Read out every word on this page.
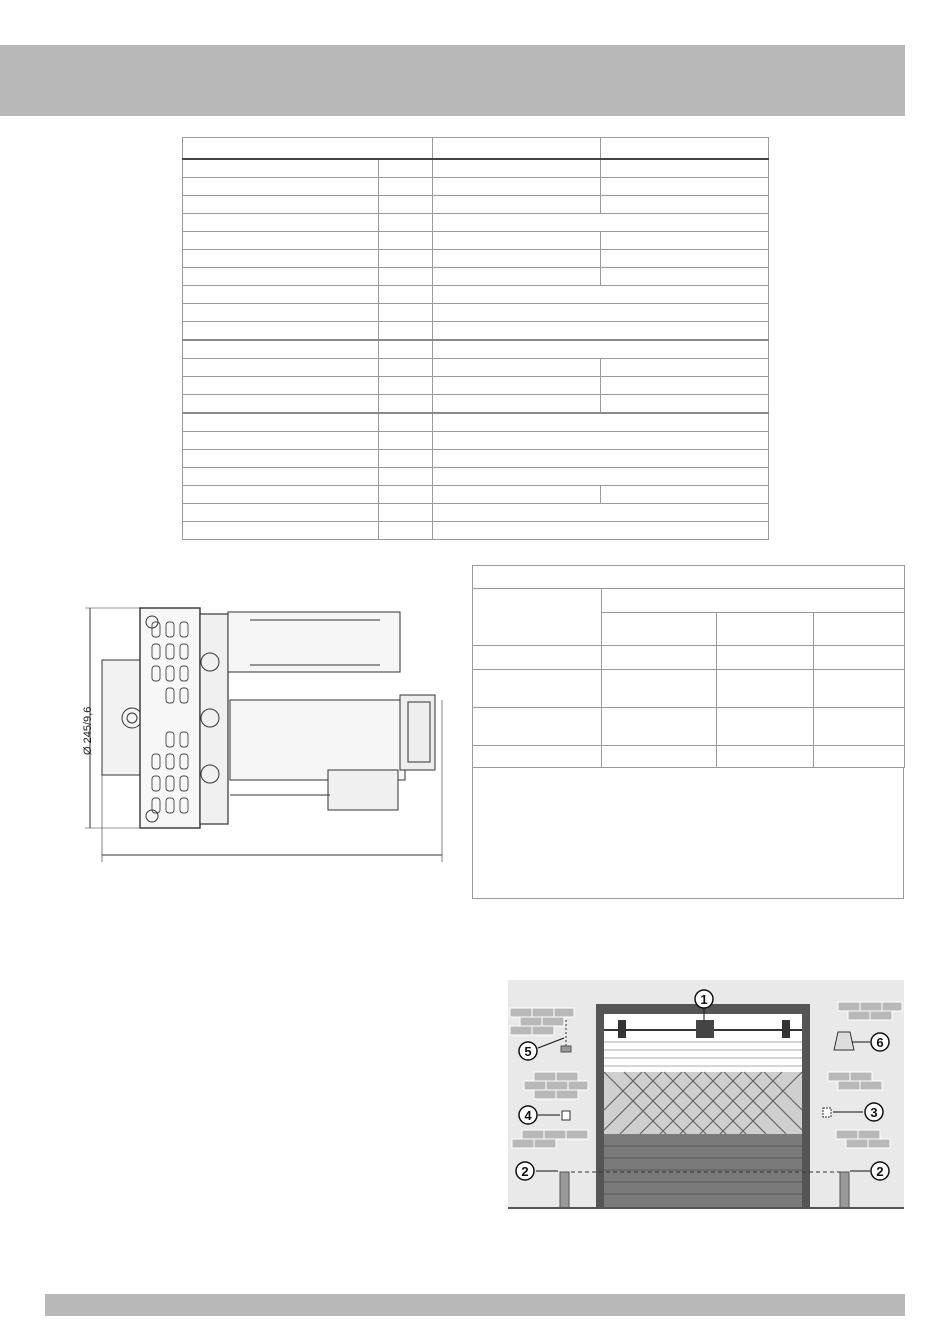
Ø 245/9,6
1
5
4
2
3
6
2
